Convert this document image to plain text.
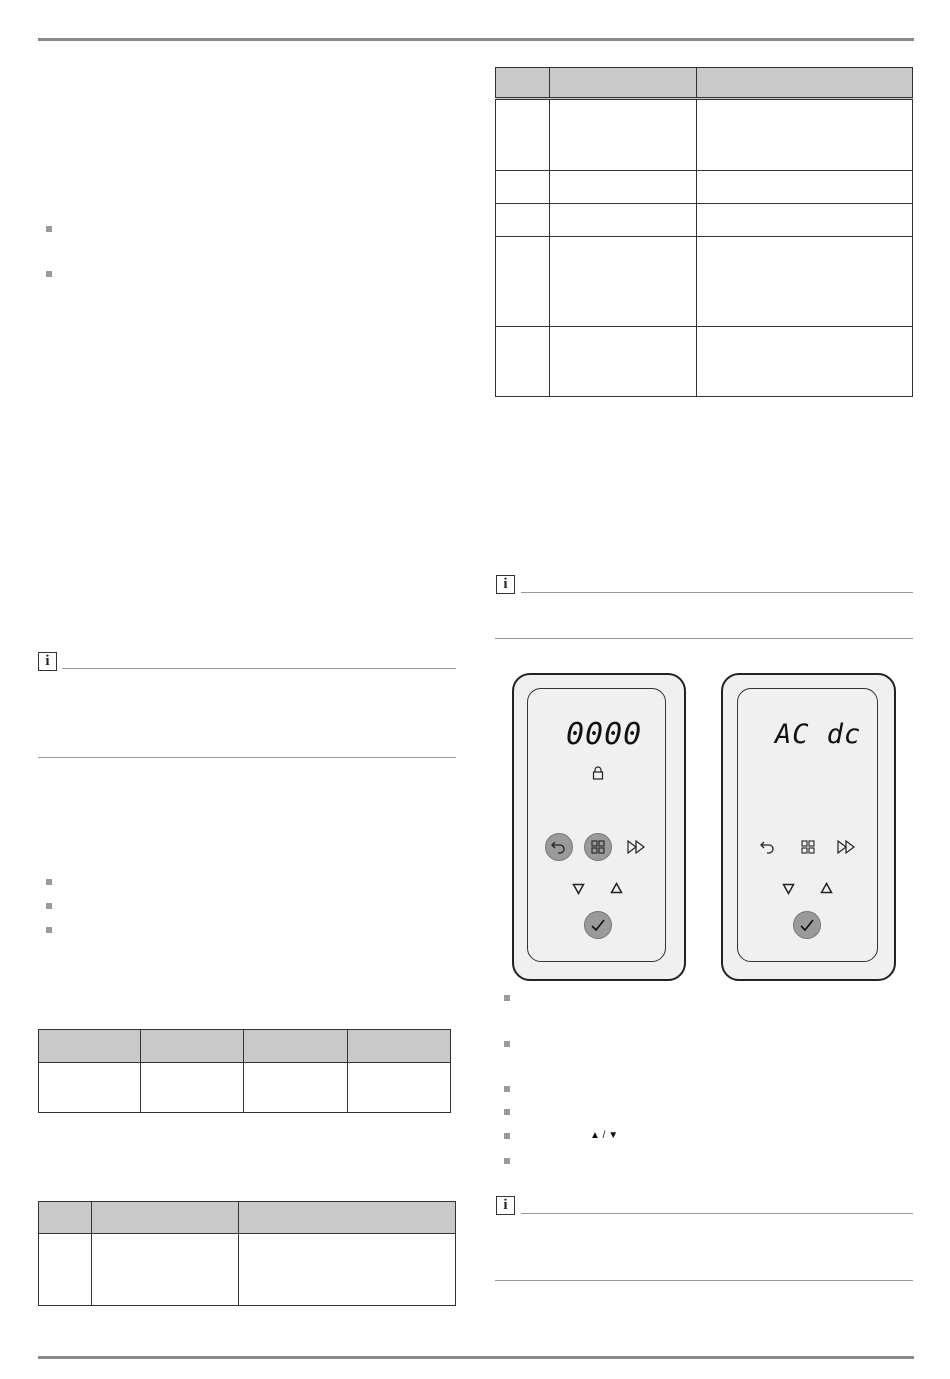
i

i
0000	AC dc
▲ / ▼
i
